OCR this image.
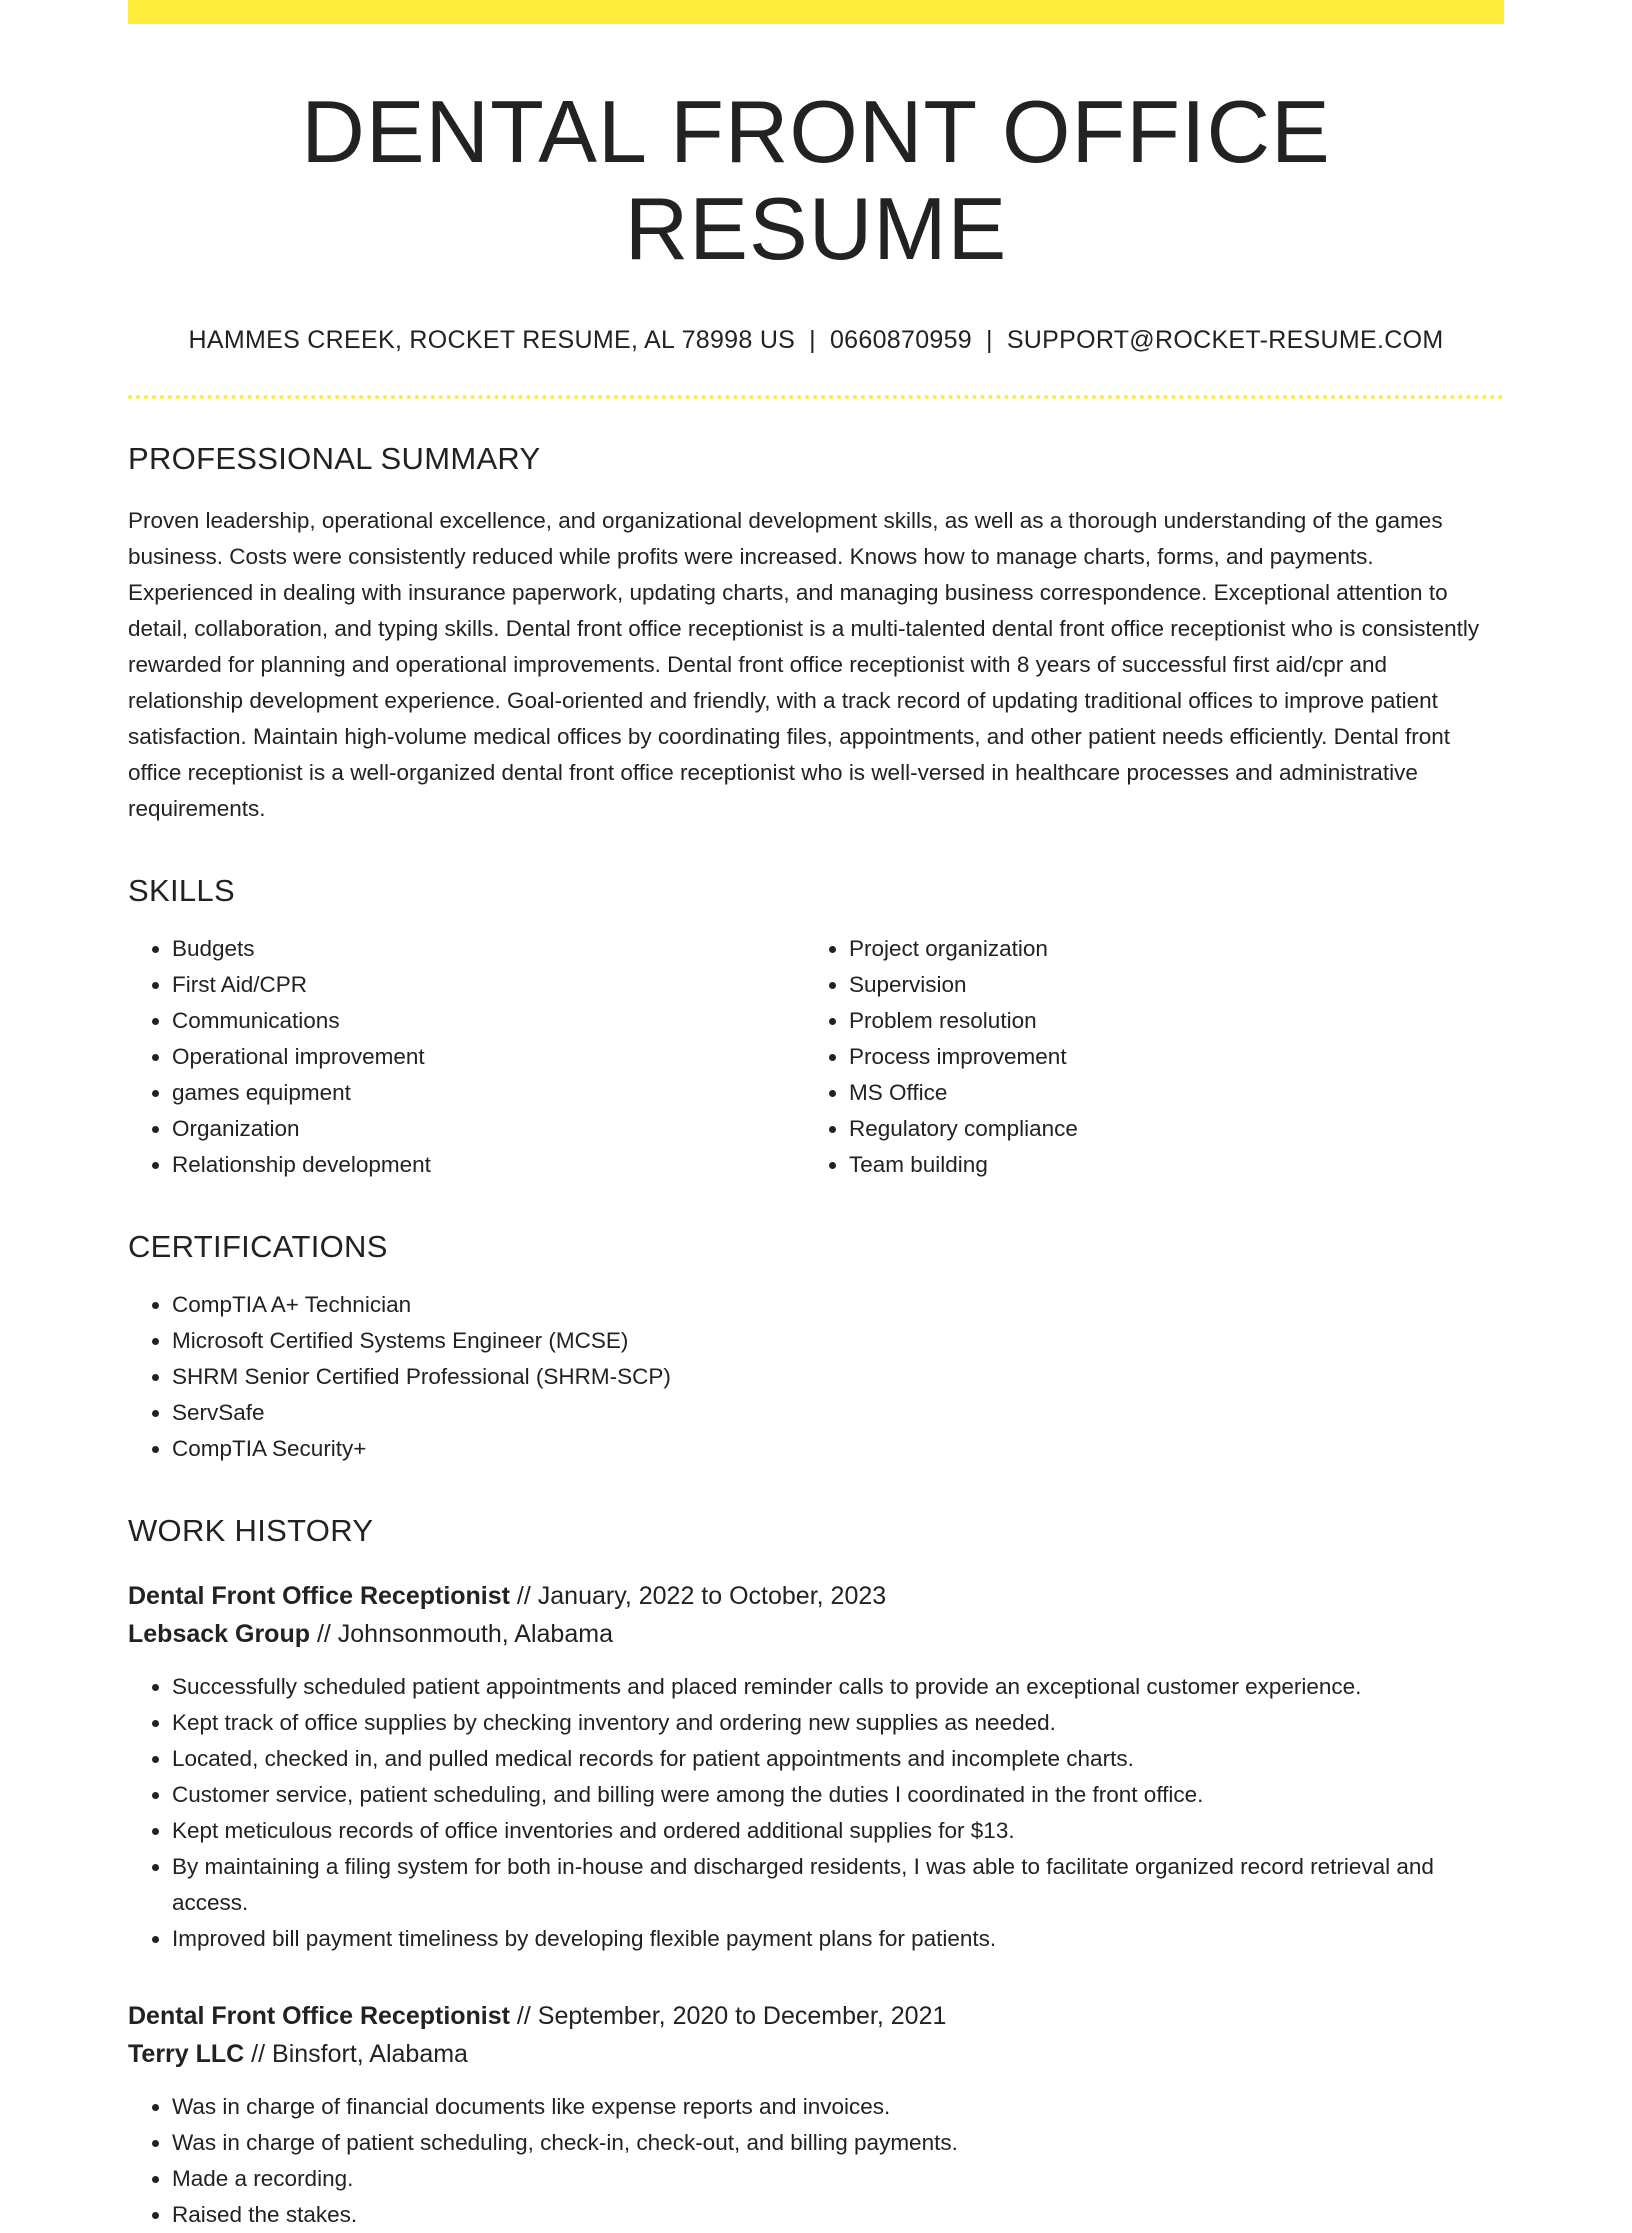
DENTAL FRONT OFFICE RESUME
HAMMES CREEK, ROCKET RESUME, AL 78998 US | 0660870959 | SUPPORT@ROCKET-RESUME.COM
PROFESSIONAL SUMMARY

Proven leadership, operational excellence, and organizational development skills, as well as a thorough understanding of the games business. Costs were consistently reduced while profits were increased. Knows how to manage charts, forms, and payments. Experienced in dealing with insurance paperwork, updating charts, and managing business correspondence. Exceptional attention to detail, collaboration, and typing skills. Dental front office receptionist is a multi-talented dental front office receptionist who is consistently rewarded for planning and operational improvements. Dental front office receptionist with 8 years of successful first aid/cpr and relationship development experience. Goal-oriented and friendly, with a track record of updating traditional offices to improve patient satisfaction. Maintain high-volume medical offices by coordinating files, appointments, and other patient needs efficiently. Dental front office receptionist is a well-organized dental front office receptionist who is well-versed in healthcare processes and administrative requirements.

SKILLS
• Budgets
• First Aid/CPR
• Communications
• Operational improvement
• games equipment
• Organization
• Relationship development
• Project organization
• Supervision
• Problem resolution
• Process improvement
• MS Office
• Regulatory compliance
• Team building
CERTIFICATIONS
• CompTIA A+ Technician
• Microsoft Certified Systems Engineer (MCSE)
• SHRM Senior Certified Professional (SHRM-SCP)
• ServSafe
• CompTIA Security+
WORK HISTORY
Dental Front Office Receptionist // January, 2022 to October, 2023
Lebsack Group // Johnsonmouth, Alabama
• Successfully scheduled patient appointments and placed reminder calls to provide an exceptional customer experience.
• Kept track of office supplies by checking inventory and ordering new supplies as needed.
• Located, checked in, and pulled medical records for patient appointments and incomplete charts.
• Customer service, patient scheduling, and billing were among the duties I coordinated in the front office.
• Kept meticulous records of office inventories and ordered additional supplies for $13.
• By maintaining a filing system for both in-house and discharged residents, I was able to facilitate organized record retrieval and access.
• Improved bill payment timeliness by developing flexible payment plans for patients.
Dental Front Office Receptionist // September, 2020 to December, 2021
Terry LLC // Binsfort, Alabama
• Was in charge of financial documents like expense reports and invoices.
• Was in charge of patient scheduling, check-in, check-out, and billing payments.
• Made a recording.
• Raised the stakes.
